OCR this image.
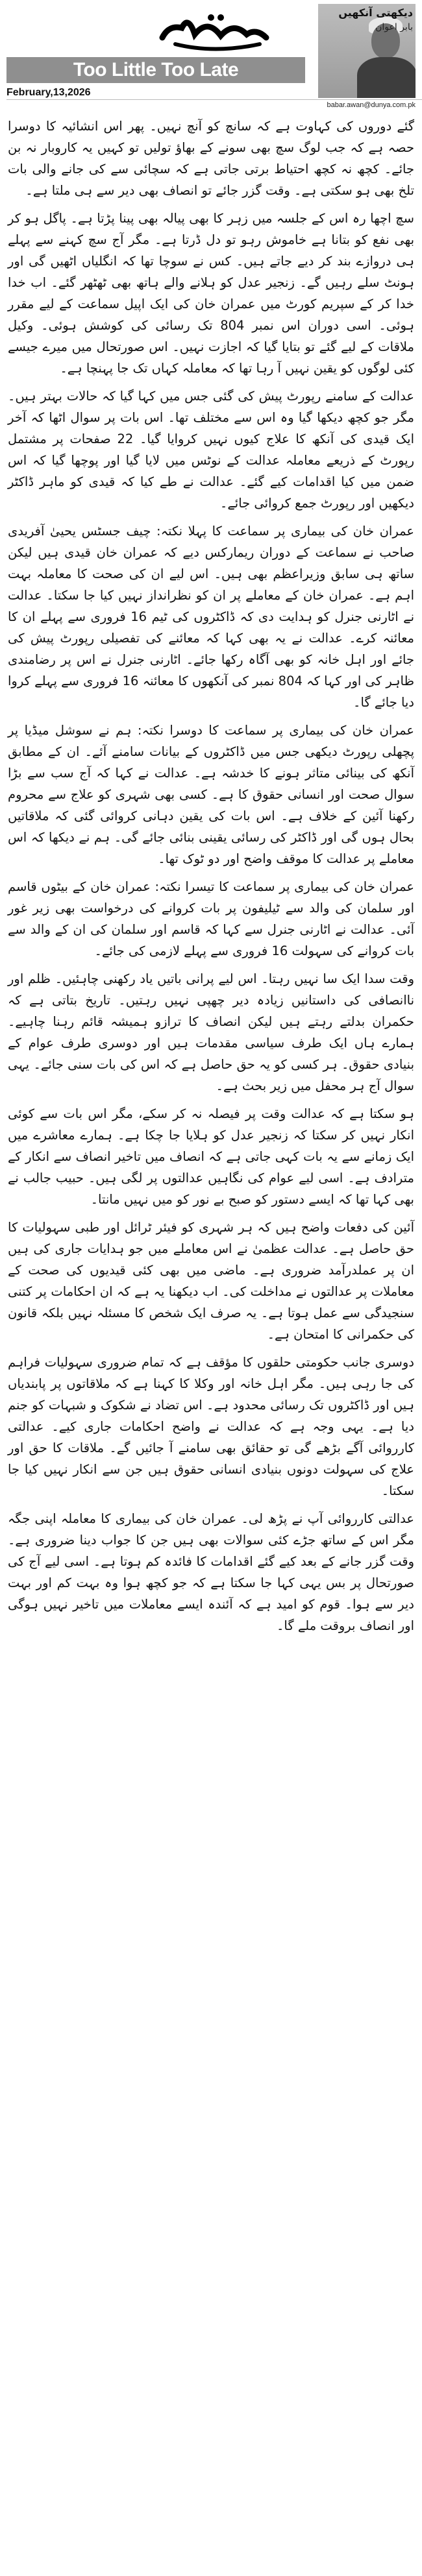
Too Little Too Late
February,13,2026
دیکھتی آنکھیں
بابر اعوان
babar.awan@dunya.com.pk

گئے دوروں کی کہاوت ہے کہ سانچ کو آنچ نہیں۔ پھر اس انشائیہ کا دوسرا حصہ ہے کہ جب لوگ سچ بھی سونے کے بھاؤ تولیں تو کہیں یہ کاروبار نہ بن جائے۔ کچھ نہ کچھ احتیاط برتی جاتی ہے کہ سچائی سے کی جانے والی بات تلخ بھی ہو سکتی ہے۔ وقت گزر جائے تو انصاف بھی دیر سے ہی ملتا ہے۔

سچ اچھا رہ اس کے جلسہ میں زہر کا بھی پیالہ بھی پینا پڑتا ہے۔ پاگل ہو کر بھی نفع کو بتانا ہے خاموش رہو تو دل ڈرتا ہے۔ مگر آج سچ کہنے سے پہلے ہی دروازے بند کر دیے جاتے ہیں۔ کس نے سوچا تھا کہ انگلیاں اٹھیں گی اور ہونٹ سلے رہیں گے۔ زنجیر عدل کو ہلانے والے ہاتھ بھی ٹھٹھر گئے۔ اب خدا خدا کر کے سپریم کورٹ میں عمران خان کی ایک اپیل سماعت کے لیے مقرر ہوئی۔ اسی دوران اس نمبر 804 تک رسائی کی کوشش ہوئی۔ وکیل ملاقات کے لیے گئے تو بتایا گیا کہ اجازت نہیں۔ اس صورتحال میں میرے جیسے کئی لوگوں کو یقین نہیں آ رہا تھا کہ معاملہ کہاں تک جا پہنچا ہے۔

عدالت کے سامنے رپورٹ پیش کی گئی جس میں کہا گیا کہ حالات بہتر ہیں۔ مگر جو کچھ دیکھا گیا وہ اس سے مختلف تھا۔ اس بات پر سوال اٹھا کہ آخر ایک قیدی کی آنکھ کا علاج کیوں نہیں کروایا گیا۔ 22 صفحات پر مشتمل رپورٹ کے ذریعے معاملہ عدالت کے نوٹس میں لایا گیا اور پوچھا گیا کہ اس ضمن میں کیا اقدامات کیے گئے۔ عدالت نے طے کیا کہ قیدی کو ماہر ڈاکٹر دیکھیں اور رپورٹ جمع کروائی جائے۔

عمران خان کی بیماری پر سماعت کا پہلا نکتہ: چیف جسٹس یحییٰ آفریدی صاحب نے سماعت کے دوران ریمارکس دیے کہ عمران خان قیدی ہیں لیکن ساتھ ہی سابق وزیراعظم بھی ہیں۔ اس لیے ان کی صحت کا معاملہ بہت اہم ہے۔ عمران خان کے معاملے پر ان کو نظرانداز نہیں کیا جا سکتا۔ عدالت نے اٹارنی جنرل کو ہدایت دی کہ ڈاکٹروں کی ٹیم 16 فروری سے پہلے ان کا معائنہ کرے۔ عدالت نے یہ بھی کہا کہ معائنے کی تفصیلی رپورٹ پیش کی جائے اور اہل خانہ کو بھی آگاہ رکھا جائے۔ اٹارنی جنرل نے اس پر رضامندی ظاہر کی اور کہا کہ 804 نمبر کی آنکھوں کا معائنہ 16 فروری سے پہلے کروا دیا جائے گا۔

عمران خان کی بیماری پر سماعت کا دوسرا نکتہ: ہم نے سوشل میڈیا پر پچھلی رپورٹ دیکھی جس میں ڈاکٹروں کے بیانات سامنے آئے۔ ان کے مطابق آنکھ کی بینائی متاثر ہونے کا خدشہ ہے۔ عدالت نے کہا کہ آج سب سے بڑا سوال صحت اور انسانی حقوق کا ہے۔ کسی بھی شہری کو علاج سے محروم رکھنا آئین کے خلاف ہے۔ اس بات کی یقین دہانی کروائی گئی کہ ملاقاتیں بحال ہوں گی اور ڈاکٹر کی رسائی یقینی بنائی جائے گی۔ ہم نے دیکھا کہ اس معاملے پر عدالت کا موقف واضح اور دو ٹوک تھا۔

عمران خان کی بیماری پر سماعت کا تیسرا نکتہ: عمران خان کے بیٹوں قاسم اور سلمان کی والد سے ٹیلیفون پر بات کروانے کی درخواست بھی زیر غور آئی۔ عدالت نے اٹارنی جنرل سے کہا کہ قاسم اور سلمان کی ان کے والد سے بات کروانے کی سہولت 16 فروری سے پہلے لازمی کی جائے۔

وقت سدا ایک سا نہیں رہتا۔ اس لیے پرانی باتیں یاد رکھنی چاہئیں۔ ظلم اور ناانصافی کی داستانیں زیادہ دیر چھپی نہیں رہتیں۔ تاریخ بتاتی ہے کہ حکمران بدلتے رہتے ہیں لیکن انصاف کا ترازو ہمیشہ قائم رہنا چاہیے۔ ہمارے ہاں ایک طرف سیاسی مقدمات ہیں اور دوسری طرف عوام کے بنیادی حقوق۔ ہر کسی کو یہ حق حاصل ہے کہ اس کی بات سنی جائے۔ یہی سوال آج ہر محفل میں زیر بحث ہے۔

ہو سکتا ہے کہ عدالت وقت پر فیصلہ نہ کر سکے، مگر اس بات سے کوئی انکار نہیں کر سکتا کہ زنجیر عدل کو ہلایا جا چکا ہے۔ ہمارے معاشرے میں ایک زمانے سے یہ بات کہی جاتی ہے کہ انصاف میں تاخیر انصاف سے انکار کے مترادف ہے۔ اسی لیے عوام کی نگاہیں عدالتوں پر لگی ہیں۔ حبیب جالب نے بھی کہا تھا کہ ایسے دستور کو صبح بے نور کو میں نہیں مانتا۔

آئین کی دفعات واضح ہیں کہ ہر شہری کو فیئر ٹرائل اور طبی سہولیات کا حق حاصل ہے۔ عدالت عظمیٰ نے اس معاملے میں جو ہدایات جاری کی ہیں ان پر عملدرآمد ضروری ہے۔ ماضی میں بھی کئی قیدیوں کی صحت کے معاملات پر عدالتوں نے مداخلت کی۔ اب دیکھنا یہ ہے کہ ان احکامات پر کتنی سنجیدگی سے عمل ہوتا ہے۔ یہ صرف ایک شخص کا مسئلہ نہیں بلکہ قانون کی حکمرانی کا امتحان ہے۔

دوسری جانب حکومتی حلقوں کا مؤقف ہے کہ تمام ضروری سہولیات فراہم کی جا رہی ہیں۔ مگر اہل خانہ اور وکلا کا کہنا ہے کہ ملاقاتوں پر پابندیاں ہیں اور ڈاکٹروں تک رسائی محدود ہے۔ اس تضاد نے شکوک و شبہات کو جنم دیا ہے۔ یہی وجہ ہے کہ عدالت نے واضح احکامات جاری کیے۔ عدالتی کارروائی آگے بڑھے گی تو حقائق بھی سامنے آ جائیں گے۔ ملاقات کا حق اور علاج کی سہولت دونوں بنیادی انسانی حقوق ہیں جن سے انکار نہیں کیا جا سکتا۔

عدالتی کارروائی آپ نے پڑھ لی۔ عمران خان کی بیماری کا معاملہ اپنی جگہ مگر اس کے ساتھ جڑے کئی سوالات بھی ہیں جن کا جواب دینا ضروری ہے۔ وقت گزر جانے کے بعد کیے گئے اقدامات کا فائدہ کم ہوتا ہے۔ اسی لیے آج کی صورتحال پر بس یہی کہا جا سکتا ہے کہ جو کچھ ہوا وہ بہت کم اور بہت دیر سے ہوا۔ قوم کو امید ہے کہ آئندہ ایسے معاملات میں تاخیر نہیں ہوگی اور انصاف بروقت ملے گا۔
